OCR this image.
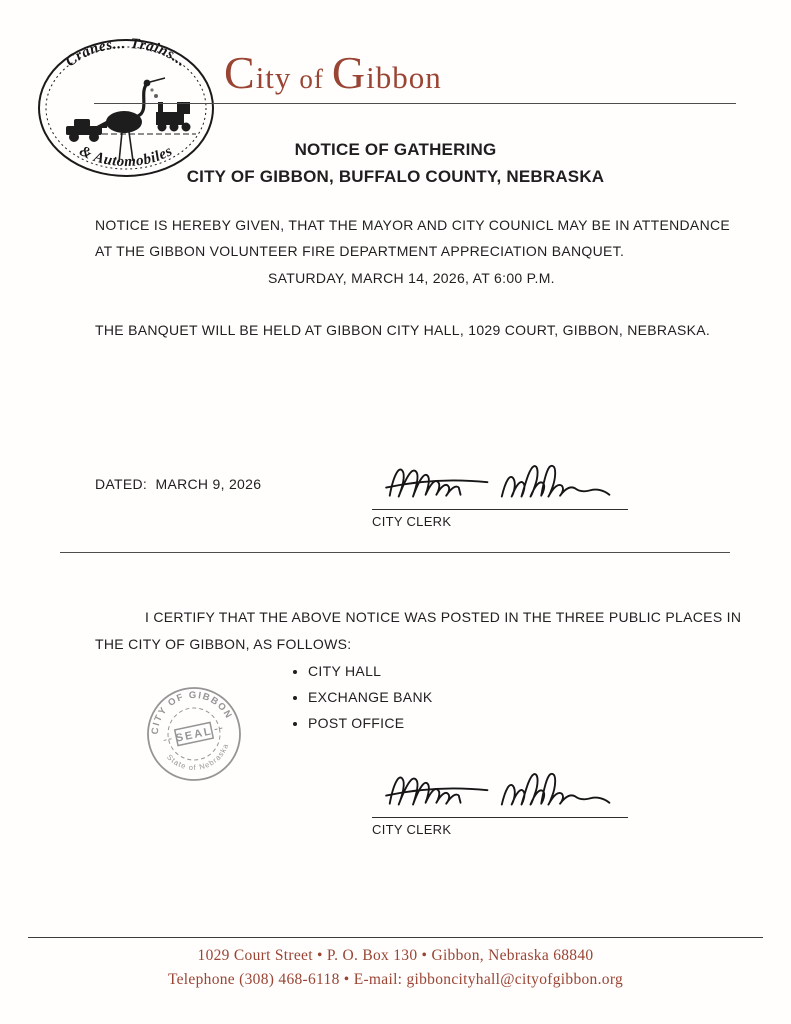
Cranes... Trains...
& Automobiles
City of Gibbon
NOTICE OF GATHERING
CITY OF GIBBON, BUFFALO COUNTY, NEBRASKA

NOTICE IS HEREBY GIVEN, THAT THE MAYOR AND CITY COUNICL MAY BE IN ATTENDANCE AT THE GIBBON VOLUNTEER FIRE DEPARTMENT APPRECIATION BANQUET.

SATURDAY, MARCH 14, 2026, AT 6:00 P.M.
THE BANQUET WILL BE HELD AT GIBBON CITY HALL, 1029 COURT, GIBBON, NEBRASKA.
DATED:  MARCH 9, 2026
CITY CLERK

I CERTIFY THAT THE ABOVE NOTICE WAS POSTED IN THE THREE PUBLIC PLACES IN THE CITY OF GIBBON, AS FOLLOWS:

• CITY HALL
• EXCHANGE BANK
• POST OFFICE
CITY OF GIBBON
State of Nebraska
SEAL
CITY CLERK
1029 Court Street • P. O. Box 130 • Gibbon, Nebraska 68840
Telephone (308) 468-6118 • E-mail: gibboncityhall@cityofgibbon.org
